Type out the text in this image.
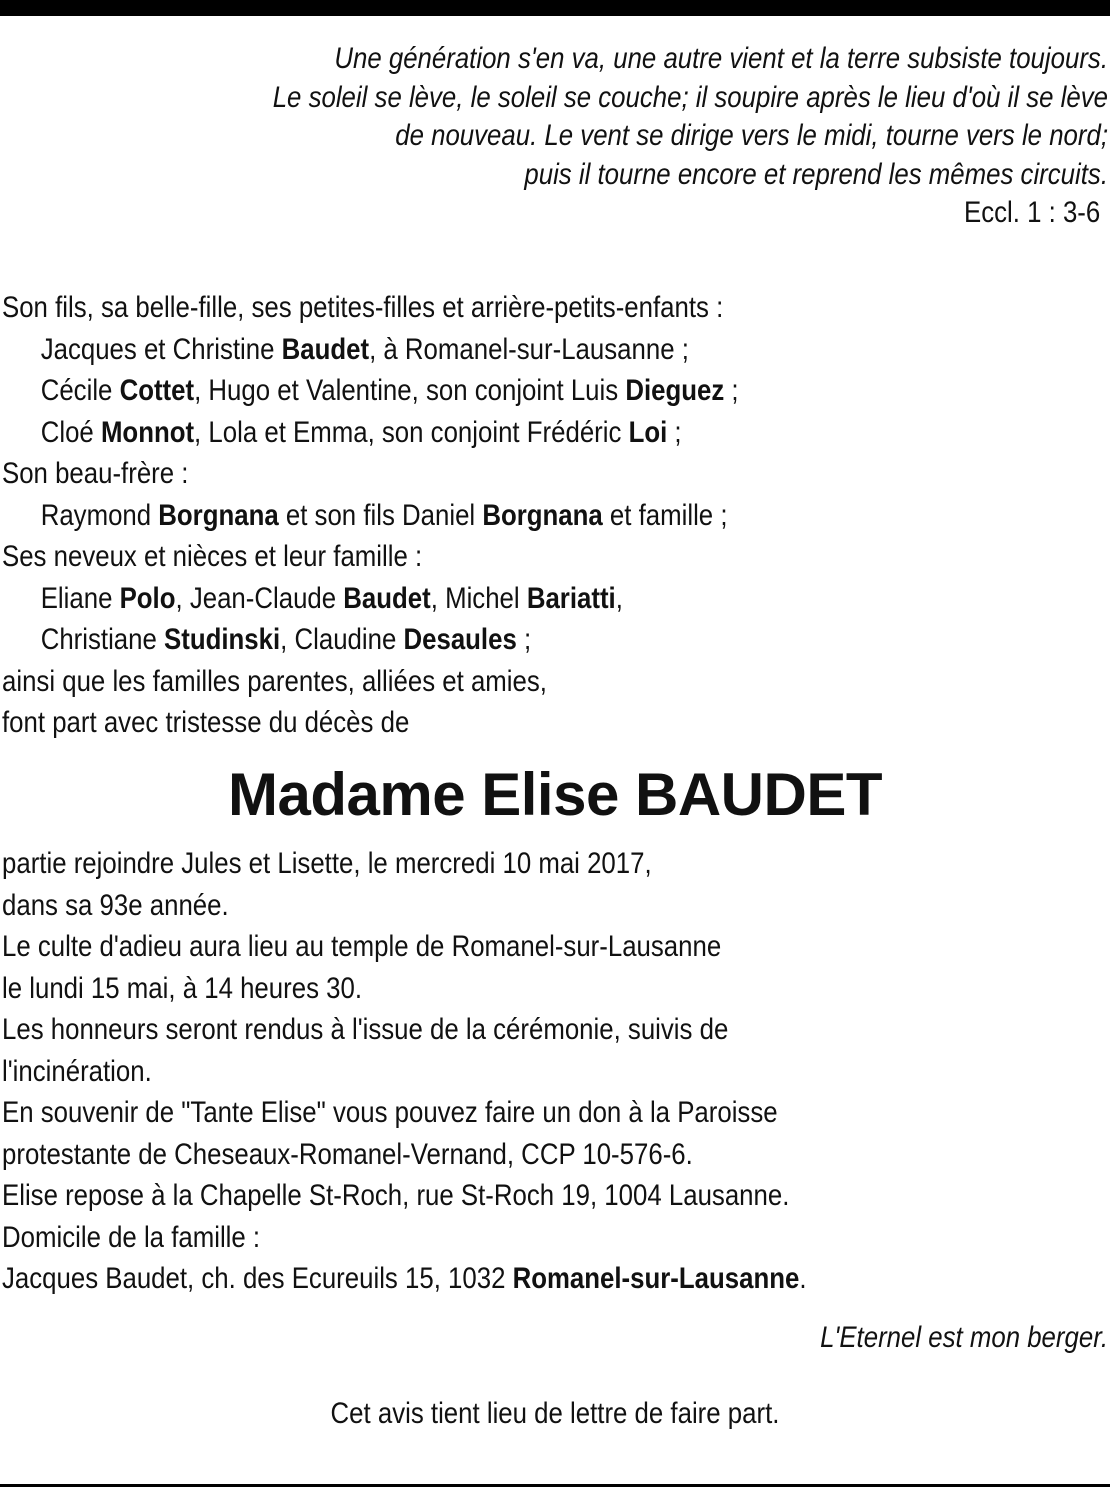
Une génération s'en va, une autre vient et la terre subsiste toujours.
Le soleil se lève, le soleil se couche; il soupire après le lieu d'où il se lève
de nouveau. Le vent se dirige vers le midi, tourne vers le nord;
puis il tourne encore et reprend les mêmes circuits.
Eccl. 1 : 3-6
Son fils, sa belle-fille, ses petites-filles et arrière-petits-enfants :
Jacques et Christine Baudet, à Romanel-sur-Lausanne ;
Cécile Cottet, Hugo et Valentine, son conjoint Luis Dieguez ;
Cloé Monnot, Lola et Emma, son conjoint Frédéric Loi ;
Son beau-frère :
Raymond Borgnana et son fils Daniel Borgnana et famille ;
Ses neveux et nièces et leur famille :
Eliane Polo, Jean-Claude Baudet, Michel Bariatti,
Christiane Studinski, Claudine Desaules ;
ainsi que les familles parentes, alliées et amies,
font part avec tristesse du décès de
Madame Elise BAUDET
partie rejoindre Jules et Lisette, le mercredi 10 mai 2017,
dans sa 93e année.
Le culte d'adieu aura lieu au temple de Romanel-sur-Lausanne
le lundi 15 mai, à 14 heures 30.
Les honneurs seront rendus à l'issue de la cérémonie, suivis de
l'incinération.
En souvenir de "Tante Elise" vous pouvez faire un don à la Paroisse
protestante de Cheseaux-Romanel-Vernand, CCP 10-576-6.
Elise repose à la Chapelle St-Roch, rue St-Roch 19, 1004 Lausanne.
Domicile de la famille :
Jacques Baudet, ch. des Ecureuils 15, 1032 Romanel-sur-Lausanne.
L'Eternel est mon berger.
Cet avis tient lieu de lettre de faire part.
